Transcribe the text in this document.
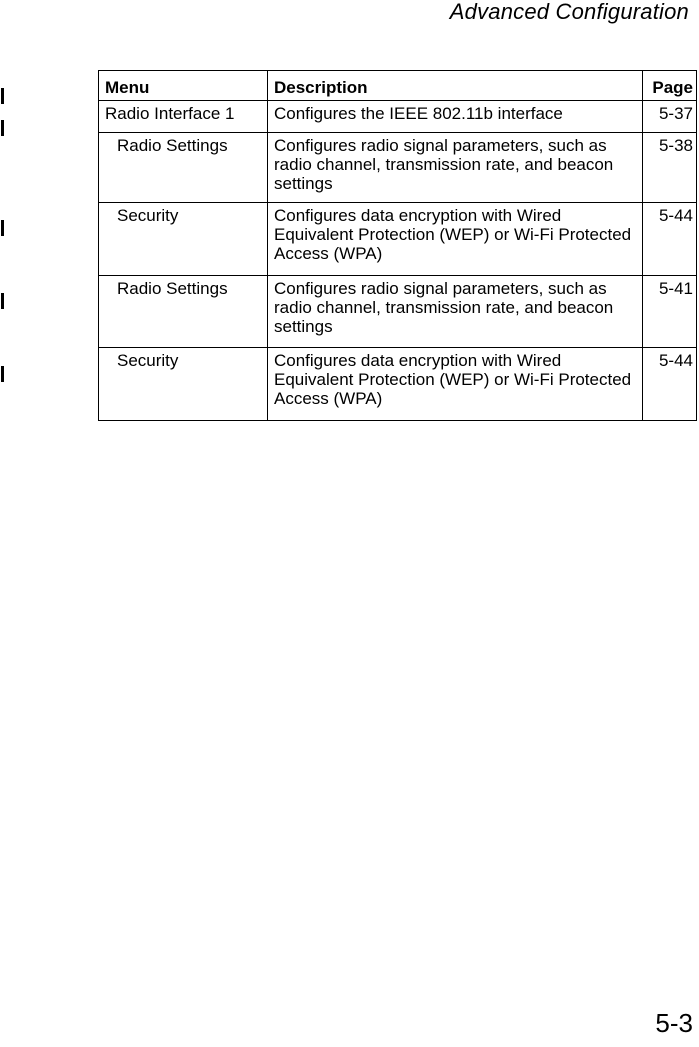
Advanced Configuration
Menu	Description	Page
Radio Interface 1	Configures the IEEE 802.11b interface	5-37
Radio Settings	Configures radio signal parameters, such as radio channel, transmission rate, and beacon settings	5-38
Security	Configures data encryption with Wired Equivalent Protection (WEP) or Wi-Fi Protected Access (WPA)	5-44
Radio Settings	Configures radio signal parameters, such as radio channel, transmission rate, and beacon settings	5-41
Security	Configures data encryption with Wired Equivalent Protection (WEP) or Wi-Fi Protected Access (WPA)	5-44
5-3
